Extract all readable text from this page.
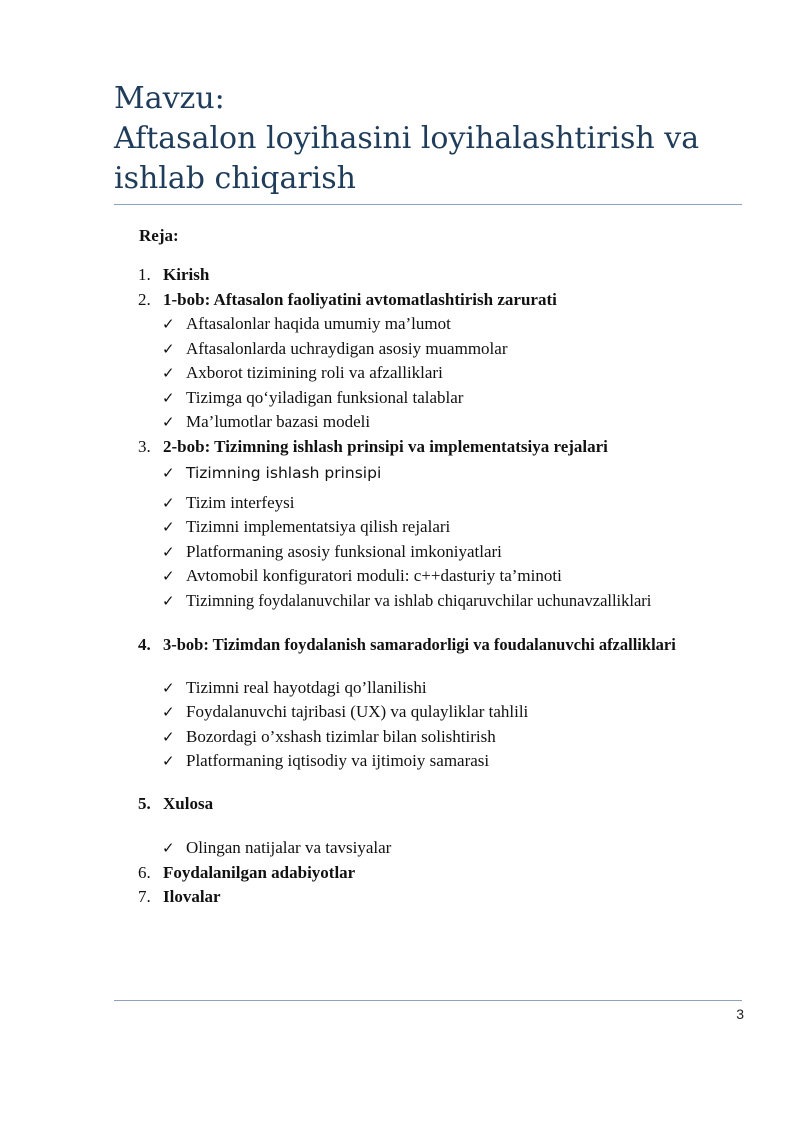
Mavzu:
Aftasalon loyihasini loyihalashtirish va
ishlab chiqarish
Reja:
1. Kirish
2. 1-bob: Aftasalon faoliyatini avtomatlashtirish zarurati
✓ Aftasalonlar haqida umumiy ma’lumot
✓ Aftasalonlarda uchraydigan asosiy muammolar
✓ Axborot tizimining roli va afzalliklari
✓ Tizimga qo‘yiladigan funksional talablar
✓ Ma’lumotlar bazasi modeli
3. 2-bob: Tizimning ishlash prinsipi va implementatsiya rejalari
✓ Tizimning ishlash prinsipi
✓ Tizim interfeysi
✓ Tizimni implementatsiya qilish rejalari
✓ Platformaning asosiy funksional imkoniyatlari
✓ Avtomobil konfiguratori moduli: c++dasturiy ta’minoti
✓ Tizimning foydalanuvchilar va ishlab chiqaruvchilar uchunavzalliklari
4. 3-bob: Tizimdan foydalanish samaradorligi va foudalanuvchi afzalliklari
✓ Tizimni real hayotdagi qo’llanilishi
✓ Foydalanuvchi tajribasi (UX) va qulayliklar tahlili
✓ Bozordagi o’xshash tizimlar bilan solishtirish
✓ Platformaning iqtisodiy va ijtimoiy samarasi
5. Xulosa
✓ Olingan natijalar va tavsiyalar
6. Foydalanilgan adabiyotlar
7. Ilovalar
3
